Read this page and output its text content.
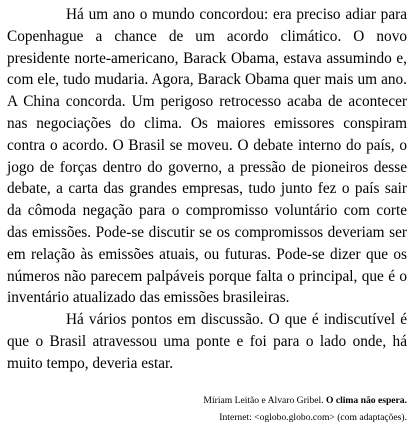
Há um ano o mundo concordou: era preciso adiar para Copenhague a chance de um acordo climático. O novo presidente norte-americano, Barack Obama, estava assumindo e, com ele, tudo mudaria. Agora, Barack Obama quer mais um ano. A China concorda. Um perigoso retrocesso acaba de acontecer nas negociações do clima. Os maiores emissores conspiram contra o acordo. O Brasil se moveu. O debate interno do país, o jogo de forças dentro do governo, a pressão de pioneiros desse debate, a carta das grandes empresas, tudo junto fez o país sair da cômoda negação para o compromisso voluntário com corte das emissões. Pode-se discutir se os compromissos deveriam ser em relação às emissões atuais, ou futuras. Pode-se dizer que os números não parecem palpáveis porque falta o principal, que é o inventário atualizado das emissões brasileiras.

Há vários pontos em discussão. O que é indiscutível é que o Brasil atravessou uma ponte e foi para o lado onde, há muito tempo, deveria estar.

Míriam Leitão e Alvaro Gribel. O clima não espera.
Internet: <oglobo.globo.com> (com adaptações).
